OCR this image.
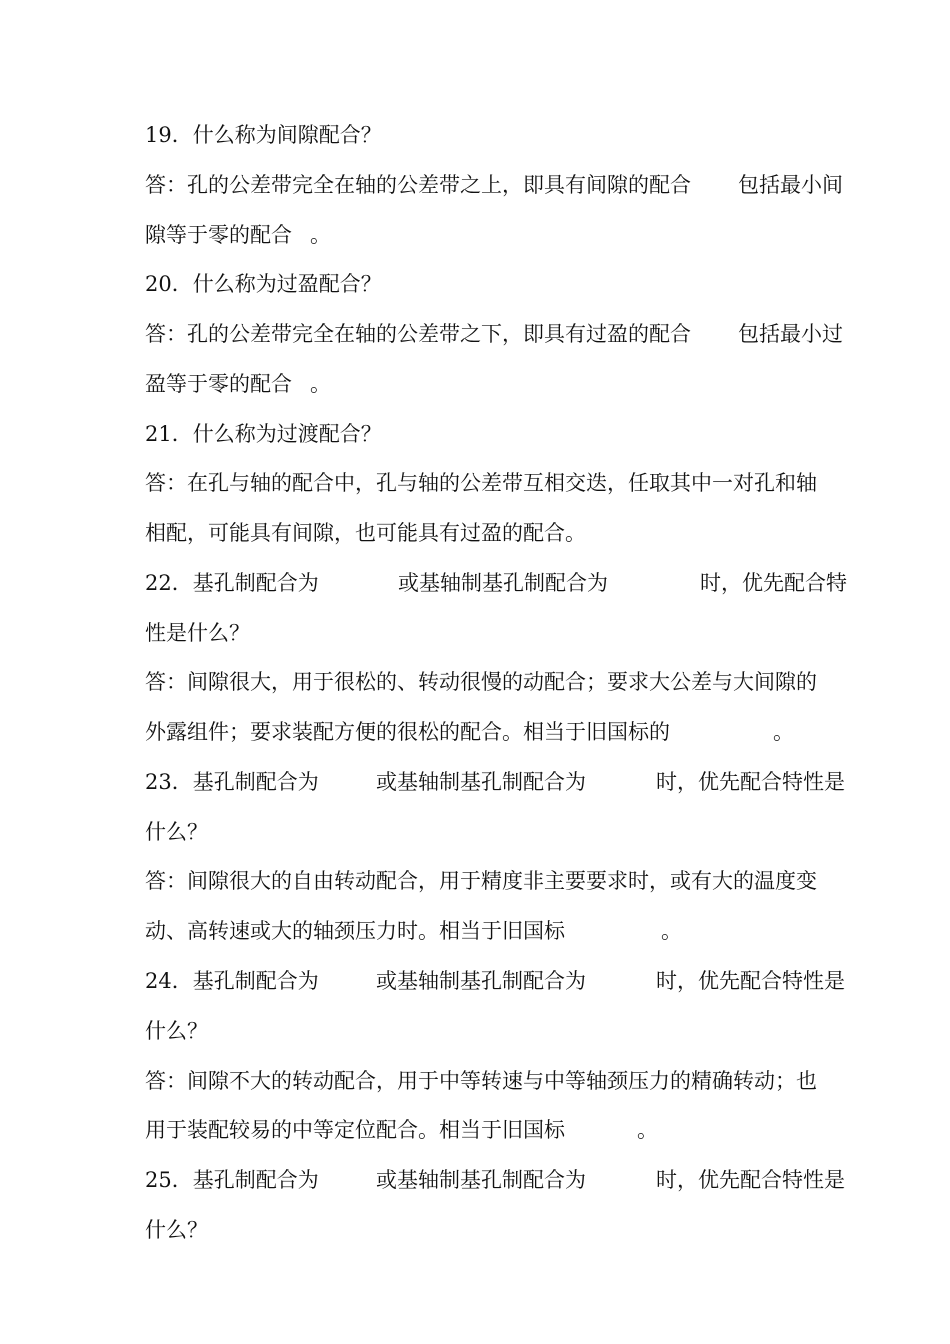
19．什么称为间隙配合？
答：孔的公差带完全在轴的公差带之上，即具有间隙的配合 包括最小间
隙等于零的配合 。
20．什么称为过盈配合？
答：孔的公差带完全在轴的公差带之下，即具有过盈的配合 包括最小过
盈等于零的配合 。
21．什么称为过渡配合？
答：在孔与轴的配合中，孔与轴的公差带互相交迭，任取其中一对孔和轴
相配，可能具有间隙，也可能具有过盈的配合。
22．基孔制配合为	或基轴制基孔制配合为	时，优先配合特
性是什么？
答：间隙很大，用于很松的、转动很慢的动配合；要求大公差与大间隙的
外露组件；要求装配方便的很松的配合。相当于旧国标的	。
23．基孔制配合为	或基轴制基孔制配合为	时，优先配合特性是
什么？
答：间隙很大的自由转动配合，用于精度非主要要求时，或有大的温度变
动、高转速或大的轴颈压力时。相当于旧国标	。
24．基孔制配合为	或基轴制基孔制配合为	时，优先配合特性是
什么？
答：间隙不大的转动配合，用于中等转速与中等轴颈压力的精确转动；也
用于装配较易的中等定位配合。相当于旧国标	。
25．基孔制配合为	或基轴制基孔制配合为	时，优先配合特性是
什么？
